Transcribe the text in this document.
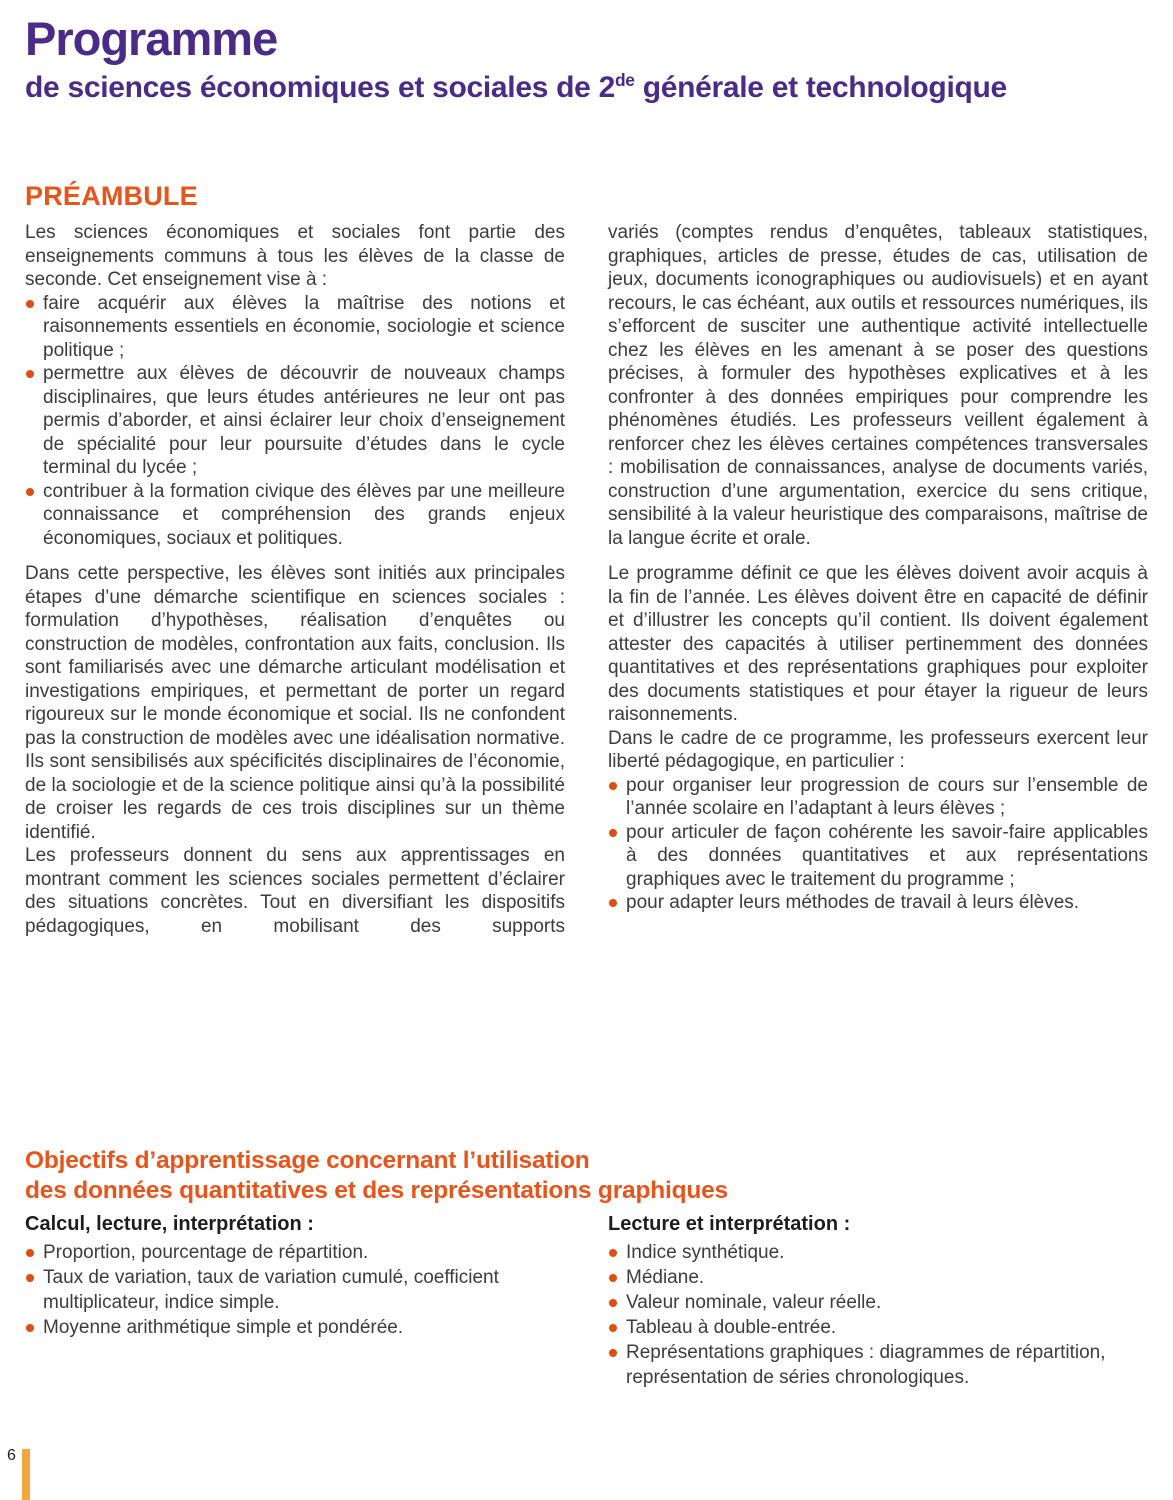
Programme
de sciences économiques et sociales de 2de générale et technologique
PRÉAMBULE

Les sciences économiques et sociales font partie des enseignements communs à tous les élèves de la classe de seconde. Cet enseignement vise à :

faire acquérir aux élèves la maîtrise des notions et raisonnements essentiels en économie, sociologie et science politique ;
permettre aux élèves de découvrir de nouveaux champs disciplinaires, que leurs études antérieures ne leur ont pas permis d’aborder, et ainsi éclairer leur choix d’enseignement de spécialité pour leur poursuite d’études dans le cycle terminal du lycée ;
contribuer à la formation civique des élèves par une meilleure connaissance et compréhension des grands enjeux économiques, sociaux et politiques.

Dans cette perspective, les élèves sont initiés aux principales étapes d’une démarche scientifique en sciences sociales : formulation d’hypothèses, réalisation d’enquêtes ou construction de modèles, confrontation aux faits, conclusion. Ils sont familiarisés avec une démarche articulant modélisation et investigations empiriques, et permettant de porter un regard rigoureux sur le monde économique et social. Ils ne confondent pas la construction de modèles avec une idéalisation normative. Ils sont sensibilisés aux spécificités disciplinaires de l’économie, de la sociologie et de la science politique ainsi qu’à la possibilité de croiser les regards de ces trois disciplines sur un thème identifié.

Les professeurs donnent du sens aux apprentissages en montrant comment les sciences sociales permettent d’éclairer des situations concrètes. Tout en diversifiant les dispositifs pédagogiques, en mobilisant des supports

variés (comptes rendus d’enquêtes, tableaux statistiques, graphiques, articles de presse, études de cas, utilisation de jeux, documents iconographiques ou audiovisuels) et en ayant recours, le cas échéant, aux outils et ressources numériques, ils s’efforcent de susciter une authentique activité intellectuelle chez les élèves en les amenant à se poser des questions précises, à formuler des hypothèses explicatives et à les confronter à des données empiriques pour comprendre les phénomènes étudiés. Les professeurs veillent également à renforcer chez les élèves certaines compétences transversales : mobilisation de connaissances, analyse de documents variés, construction d’une argumentation, exercice du sens critique, sensibilité à la valeur heuristique des comparaisons, maîtrise de la langue écrite et orale.

Le programme définit ce que les élèves doivent avoir acquis à la fin de l’année. Les élèves doivent être en capacité de définir et d’illustrer les concepts qu’il contient. Ils doivent également attester des capacités à utiliser pertinemment des données quantitatives et des représentations graphiques pour exploiter des documents statistiques et pour étayer la rigueur de leurs raisonnements.

Dans le cadre de ce programme, les professeurs exercent leur liberté pédagogique, en particulier :

pour organiser leur progression de cours sur l’ensemble de l’année scolaire en l’adaptant à leurs élèves ;
pour articuler de façon cohérente les savoir-faire applicables à des données quantitatives et aux représentations graphiques avec le traitement du programme ;
pour adapter leurs méthodes de travail à leurs élèves.
Objectifs d’apprentissage concernant l’utilisation
des données quantitatives et des représentations graphiques
Calcul, lecture, interprétation :
Proportion, pourcentage de répartition.
Taux de variation, taux de variation cumulé, coefficient multiplicateur, indice simple.
Moyenne arithmétique simple et pondérée.
Lecture et interprétation :
Indice synthétique.
Médiane.
Valeur nominale, valeur réelle.
Tableau à double-entrée.
Représentations graphiques : diagrammes de répartition, représentation de séries chronologiques.
6
